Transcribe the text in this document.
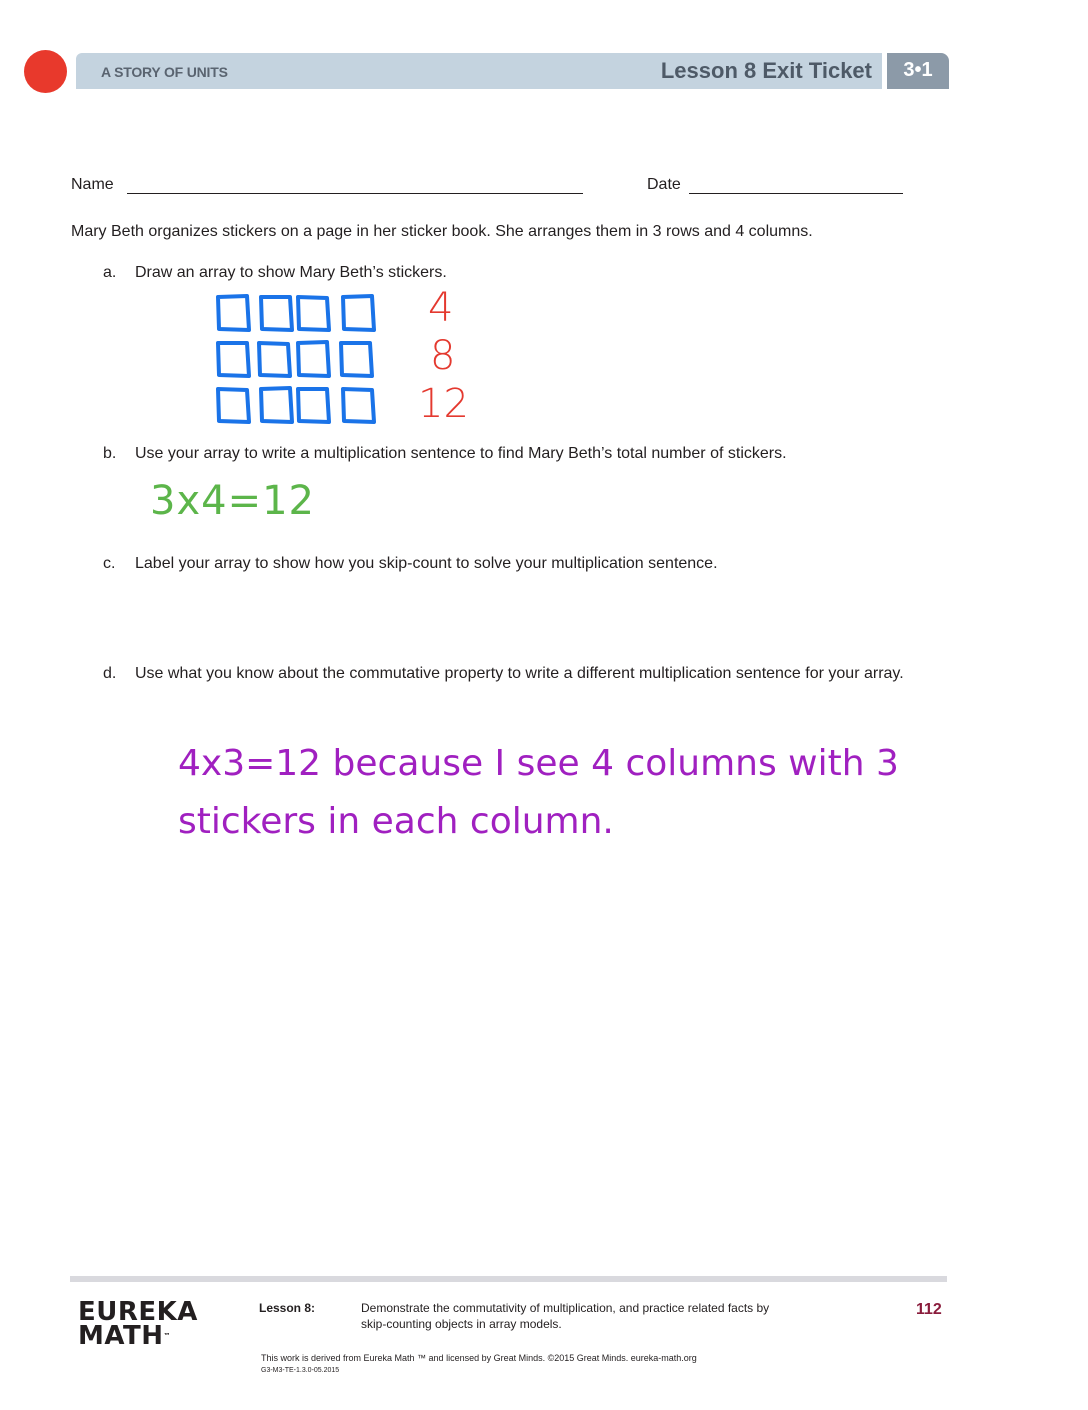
A STORY OF UNITS	Lesson 8 Exit Ticket	3•1
Name	Date
Mary Beth organizes stickers on a page in her sticker book. She arranges them in 3 rows and 4 columns.
a. Draw an array to show Mary Beth’s stickers.
4
8
12
b. Use your array to write a multiplication sentence to find Mary Beth’s total number of stickers.
3x4=12
c. Label your array to show how you skip-count to solve your multiplication sentence.
d. Use what you know about the commutative property to write a different multiplication sentence for your array.
4x3=12 because I see 4 columns with 3 stickers in each column.
EUREKA
MATH™
Lesson 8:	Demonstrate the commutativity of multiplication, and practice related facts by skip-counting objects in array models.
112
This work is derived from Eureka Math ™ and licensed by Great Minds. ©2015 Great Minds. eureka-math.org
G3-M3-TE-1.3.0-05.2015
